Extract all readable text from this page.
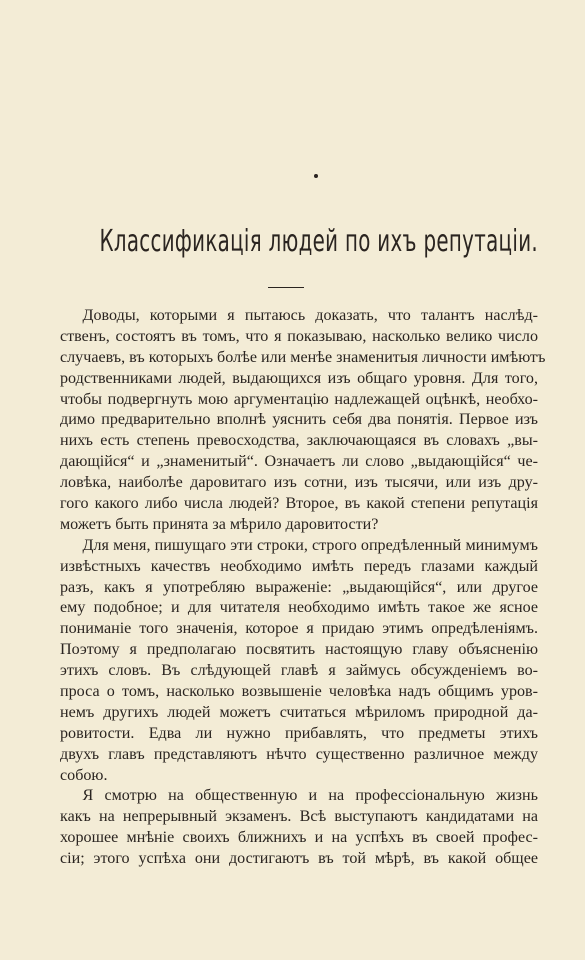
Классификація людей по ихъ репутаціи.
Доводы, которыми я пытаюсь доказать, что талантъ наслѣд-
ственъ, состоятъ въ томъ, что я показываю, насколько велико число
случаевъ, въ которыхъ болѣе или менѣе знаменитыя личности имѣютъ
родственниками людей, выдающихся изъ общаго уровня. Для того,
чтобы подвергнуть мою аргументацію надлежащей оцѣнкѣ, необхо-
димо предварительно вполнѣ уяснить себя два понятія. Первое изъ
нихъ есть степень превосходства, заключающаяся въ словахъ „вы-
дающійся“ и „знаменитый“. Означаетъ ли слово „выдающійся“ че-
ловѣка, наиболѣе даровитаго изъ сотни, изъ тысячи, или изъ дру-
гого какого либо числа людей? Второе, въ какой степени репутація
можетъ быть принята за мѣрило даровитости?
Для меня, пишущаго эти строки, строго опредѣленный минимумъ
извѣстныхъ качествъ необходимо имѣть передъ глазами каждый
разъ, какъ я употребляю выраженіе: „выдающійся“, или другое
ему подобное; и для читателя необходимо имѣть такое же ясное
пониманіе того значенія, которое я придаю этимъ опредѣленіямъ.
Поэтому я предполагаю посвятить настоящую главу объясненію
этихъ словъ. Въ слѣдующей главѣ я займусь обсужденіемъ во-
проса о томъ, насколько возвышеніе человѣка надъ общимъ уров-
немъ другихъ людей можетъ считаться мѣриломъ природной да-
ровитости. Едва ли нужно прибавлять, что предметы этихъ
двухъ главъ представляютъ нѣчто существенно различное между
собою.
Я смотрю на общественную и на профессіональную жизнь
какъ на непрерывный экзаменъ. Всѣ выступаютъ кандидатами на
хорошее мнѣніе своихъ ближнихъ и на успѣхъ въ своей профес-
сіи; этого успѣха они достигаютъ въ той мѣрѣ, въ какой общее
